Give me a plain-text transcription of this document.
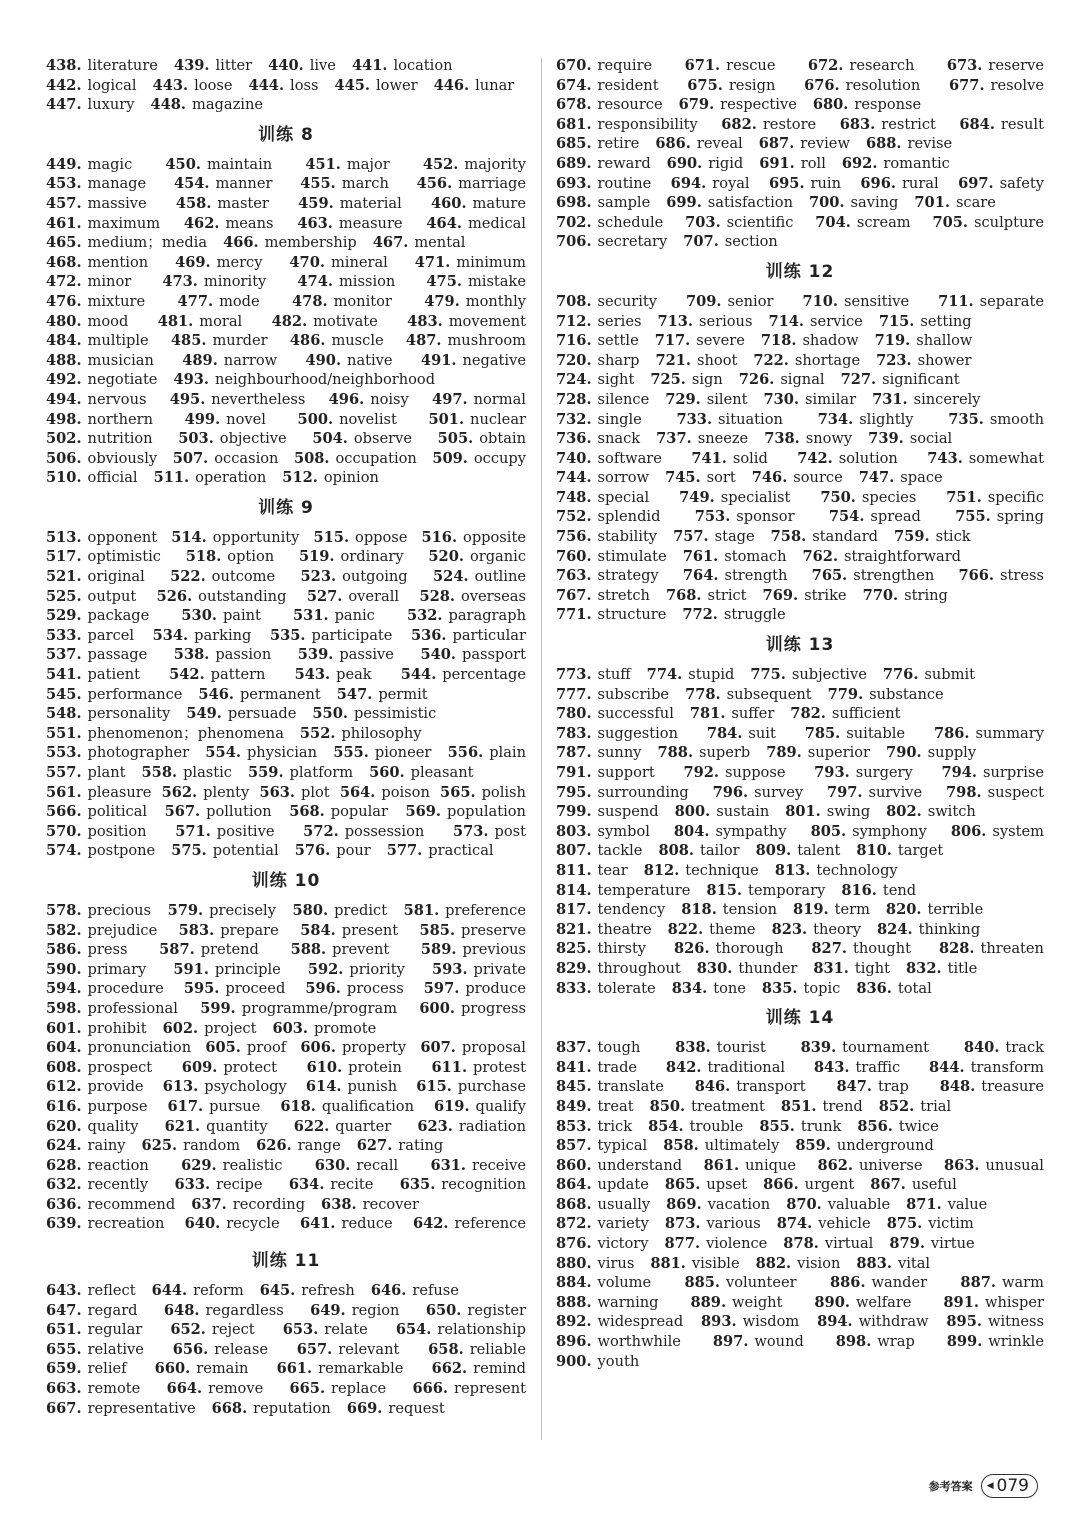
438. literature 439. litter 440. live 441. location
442. logical 443. loose 444. loss 445. lower 446. lunar
447. luxury 448. magazine
训练 8
449. magic 450. maintain 451. major 452. majority
453. manage 454. manner 455. march 456. marriage
457. massive 458. master 459. material 460. mature
461. maximum 462. means 463. measure 464. medical
465. medium；media 466. membership 467. mental
468. mention 469. mercy 470. mineral 471. minimum
472. minor 473. minority 474. mission 475. mistake
476. mixture 477. mode 478. monitor 479. monthly
480. mood 481. moral 482. motivate 483. movement
484. multiple 485. murder 486. muscle 487. mushroom
488. musician 489. narrow 490. native 491. negative
492. negotiate 493. neighbourhood/neighborhood
494. nervous 495. nevertheless 496. noisy 497. normal
498. northern 499. novel 500. novelist 501. nuclear
502. nutrition 503. objective 504. observe 505. obtain
506. obviously 507. occasion 508. occupation 509. occupy
510. official 511. operation 512. opinion
训练 9
513. opponent 514. opportunity 515. oppose 516. opposite
517. optimistic 518. option 519. ordinary 520. organic
521. original 522. outcome 523. outgoing 524. outline
525. output 526. outstanding 527. overall 528. overseas
529. package 530. paint 531. panic 532. paragraph
533. parcel 534. parking 535. participate 536. particular
537. passage 538. passion 539. passive 540. passport
541. patient 542. pattern 543. peak 544. percentage
545. performance 546. permanent 547. permit
548. personality 549. persuade 550. pessimistic
551. phenomenon；phenomena 552. philosophy
553. photographer 554. physician 555. pioneer 556. plain
557. plant 558. plastic 559. platform 560. pleasant
561. pleasure 562. plenty 563. plot 564. poison 565. polish
566. political 567. pollution 568. popular 569. population
570. position 571. positive 572. possession 573. post
574. postpone 575. potential 576. pour 577. practical
训练 10
578. precious 579. precisely 580. predict 581. preference
582. prejudice 583. prepare 584. present 585. preserve
586. press 587. pretend 588. prevent 589. previous
590. primary 591. principle 592. priority 593. private
594. procedure 595. proceed 596. process 597. produce
598. professional 599. programme/program 600. progress
601. prohibit 602. project 603. promote
604. pronunciation 605. proof 606. property 607. proposal
608. prospect 609. protect 610. protein 611. protest
612. provide 613. psychology 614. punish 615. purchase
616. purpose 617. pursue 618. qualification 619. qualify
620. quality 621. quantity 622. quarter 623. radiation
624. rainy 625. random 626. range 627. rating
628. reaction 629. realistic 630. recall 631. receive
632. recently 633. recipe 634. recite 635. recognition
636. recommend 637. recording 638. recover
639. recreation 640. recycle 641. reduce 642. reference
训练 11
643. reflect 644. reform 645. refresh 646. refuse
647. regard 648. regardless 649. region 650. register
651. regular 652. reject 653. relate 654. relationship
655. relative 656. release 657. relevant 658. reliable
659. relief 660. remain 661. remarkable 662. remind
663. remote 664. remove 665. replace 666. represent
667. representative 668. reputation 669. request
670. require 671. rescue 672. research 673. reserve
674. resident 675. resign 676. resolution 677. resolve
678. resource 679. respective 680. response
681. responsibility 682. restore 683. restrict 684. result
685. retire 686. reveal 687. review 688. revise
689. reward 690. rigid 691. roll 692. romantic
693. routine 694. royal 695. ruin 696. rural 697. safety
698. sample 699. satisfaction 700. saving 701. scare
702. schedule 703. scientific 704. scream 705. sculpture
706. secretary 707. section
训练 12
708. security 709. senior 710. sensitive 711. separate
712. series 713. serious 714. service 715. setting
716. settle 717. severe 718. shadow 719. shallow
720. sharp 721. shoot 722. shortage 723. shower
724. sight 725. sign 726. signal 727. significant
728. silence 729. silent 730. similar 731. sincerely
732. single 733. situation 734. slightly 735. smooth
736. snack 737. sneeze 738. snowy 739. social
740. software 741. solid 742. solution 743. somewhat
744. sorrow 745. sort 746. source 747. space
748. special 749. specialist 750. species 751. specific
752. splendid 753. sponsor 754. spread 755. spring
756. stability 757. stage 758. standard 759. stick
760. stimulate 761. stomach 762. straightforward
763. strategy 764. strength 765. strengthen 766. stress
767. stretch 768. strict 769. strike 770. string
771. structure 772. struggle
训练 13
773. stuff 774. stupid 775. subjective 776. submit
777. subscribe 778. subsequent 779. substance
780. successful 781. suffer 782. sufficient
783. suggestion 784. suit 785. suitable 786. summary
787. sunny 788. superb 789. superior 790. supply
791. support 792. suppose 793. surgery 794. surprise
795. surrounding 796. survey 797. survive 798. suspect
799. suspend 800. sustain 801. swing 802. switch
803. symbol 804. sympathy 805. symphony 806. system
807. tackle 808. tailor 809. talent 810. target
811. tear 812. technique 813. technology
814. temperature 815. temporary 816. tend
817. tendency 818. tension 819. term 820. terrible
821. theatre 822. theme 823. theory 824. thinking
825. thirsty 826. thorough 827. thought 828. threaten
829. throughout 830. thunder 831. tight 832. title
833. tolerate 834. tone 835. topic 836. total
训练 14
837. tough 838. tourist 839. tournament 840. track
841. trade 842. traditional 843. traffic 844. transform
845. translate 846. transport 847. trap 848. treasure
849. treat 850. treatment 851. trend 852. trial
853. trick 854. trouble 855. trunk 856. twice
857. typical 858. ultimately 859. underground
860. understand 861. unique 862. universe 863. unusual
864. update 865. upset 866. urgent 867. useful
868. usually 869. vacation 870. valuable 871. value
872. variety 873. various 874. vehicle 875. victim
876. victory 877. violence 878. virtual 879. virtue
880. virus 881. visible 882. vision 883. vital
884. volume 885. volunteer 886. wander 887. warm
888. warning 889. weight 890. welfare 891. whisper
892. widespread 893. wisdom 894. withdraw 895. witness
896. worthwhile 897. wound 898. wrap 899. wrinkle
900. youth
参考答案 ◀ 079
